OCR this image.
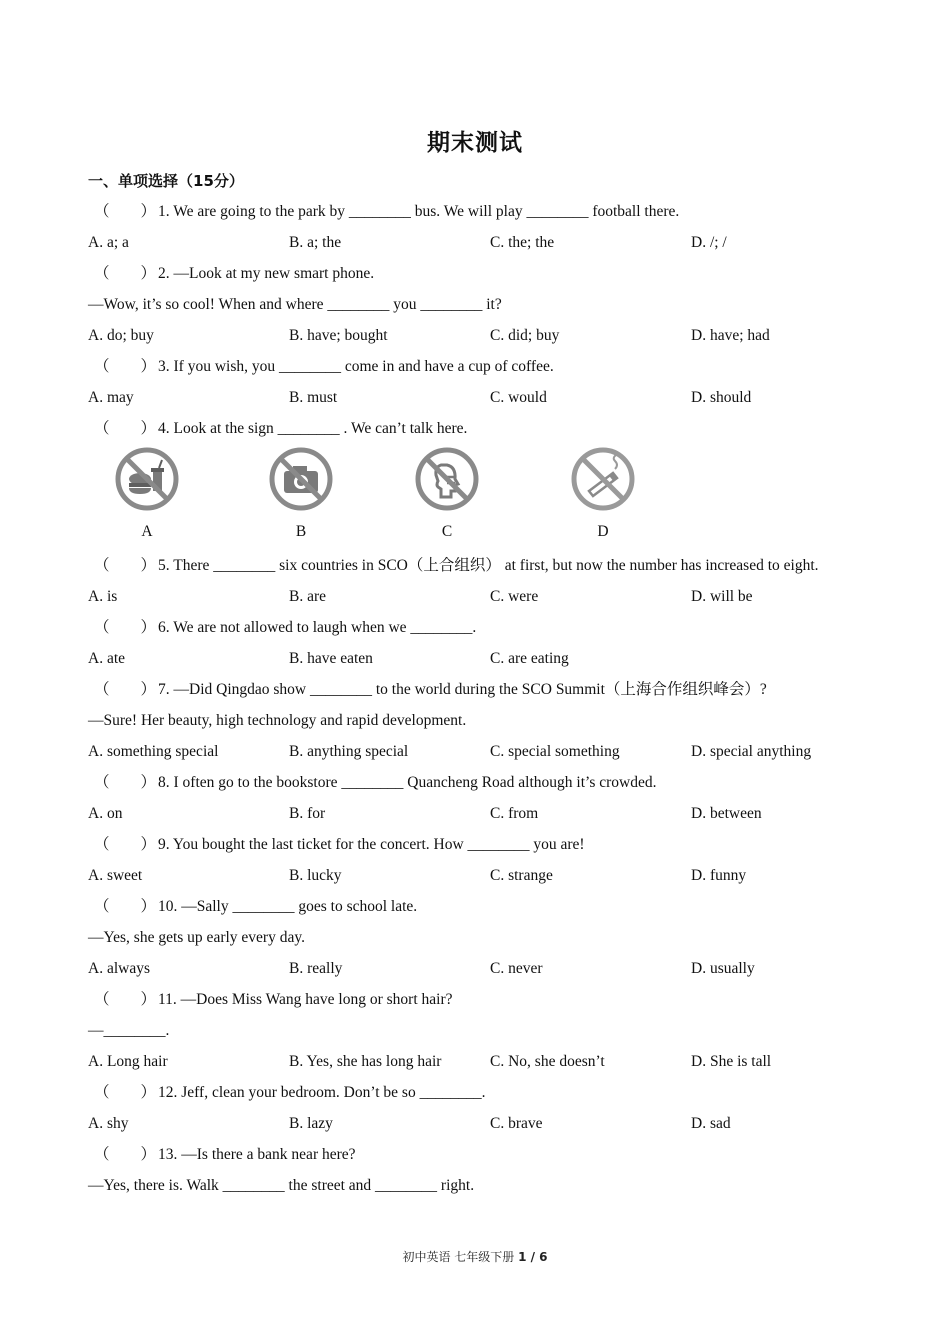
期末测试
一、单项选择（15分）
（　　） 1. We are going to the park by ________ bus. We will play ________ football there.
A. a; a	B. a; the	C. the; the	D. /; /
（　　） 2. —Look at my new smart phone.
—Wow, it’s so cool! When and where ________ you ________ it?
A. do; buy	B. have; bought	C. did; buy	D. have; had
（　　） 3. If you wish, you ________ come in and have a cup of coffee.
A. may	B. must	C. would	D. should
（　　） 4. Look at the sign ________ . We can’t talk here.
A	B	C	D
（　　） 5. There ________ six countries in SCO（上合组织） at first, but now the number has increased to eight.
A. is	B. are	C. were	D. will be
（　　） 6. We are not allowed to laugh when we ________.
A. ate	B. have eaten	C. are eating
（　　） 7. —Did Qingdao show ________ to the world during the SCO Summit（上海合作组织峰会）?
—Sure! Her beauty, high technology and rapid development.
A. something special	B. anything special	C. special something	D. special anything
（　　） 8. I often go to the bookstore ________ Quancheng Road although it’s crowded.
A. on	B. for	C. from	D. between
（　　） 9. You bought the last ticket for the concert. How ________ you are!
A. sweet	B. lucky	C. strange	D. funny
（　　） 10. —Sally ________ goes to school late.
—Yes, she gets up early every day.
A. always	B. really	C. never	D. usually
（　　） 11. —Does Miss Wang have long or short hair?
—________.
A. Long hair	B. Yes, she has long hair	C. No, she doesn’t	D. She is tall
（　　） 12. Jeff, clean your bedroom. Don’t be so ________.
A. shy	B. lazy	C. brave	D. sad
（　　） 13. —Is there a bank near here?
—Yes, there is. Walk ________ the street and ________ right.
初中英语 七年级下册 1 / 6
